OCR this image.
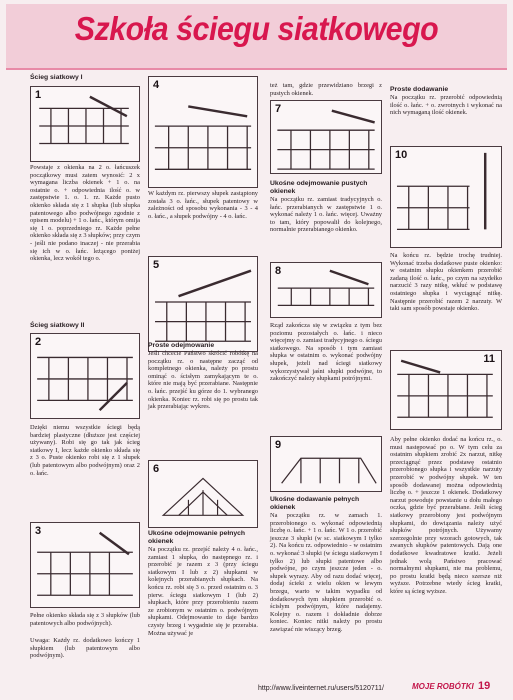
Szkoła ściegu siatkowego

Ścieg siatkowy I

1

Powstaje z okienka na 2 o. łańcuszek początkowy musi zatem wynosić: 2 x wymagana liczba okienek + 1 o. na ostatnie o. + odpowiednia ilość o. w zastępstwie 1. o. 1. rz. Każde pusto okienko składa się z 1 słupka (lub słupka patentowego albo podwójnego zgodnie z opisem modelu) + 1 o. łańc., którym omija się 1 o. poprzedniego rz. Każde pełne okienko składa się z 3 słupków; przy czym - jeśli nie podano inaczej - nie przerabia się ich w o. łańc. leżącego poniżej okienka, lecz wokół tego o.

Ścieg siatkowy II

2

Dzięki niemu wszystkie ściegi będą bardziej plastyczne (dłuższe jest częściej używany). Robi się go tak jak ścieg siatkowy I, lecz każde okienko składa się z 3 o. Puste okienko robi się z 1 słupek (lub patentowym albo podwójnym) oraz 2 o. łańc.

3

Pełne okienko składa się z 3 słupków (lub patentowych albo podwójnych).

Uwaga: Każdy rz. dodatkowo kończy 1 słupkiem (lub patentowym albo podwójnym).

4

W każdym rz. pierwszy słupek zastąpiony została 3 o. łańc., słupek patentowy w zależności od sposobu wykonania - 3 - 4 o. łańc., a słupek podwójny - 4 o. łańc.

5

Proste odejmowanie

Jeśli chcecie Państwo skrócić robótkę na początku rz. o następne zacząć od kompletnego okienka, należy po prostu ominąć o. ścisłym zamykającym te o. które nie mają być przerabiane. Następnie o. łańc. przejść ku górze do 1. wybranego okienka. Koniec rz. robi się po prostu tak jak przerabiając wykres.

6

Ukośne odejmowanie pełnych okienek

Na początku rz. przejść należy 4 o. łańc., zamiast 1 słupka, do następnego rz. i przerobić je razem z 3 (przy ściegu siatkowym I lub z 2) słupkami w kolejnych przerabianych słupkach. Na końcu rz. robi się 3 o. przed ostatnim o. 3 pierw. ściegu siatkowym I (lub 2) słupkach, które przy przerobieniu razem ze zrobionym w ostatnim o. podwójnym słupkami. Odejmowanie to daje bardzo czysty brzeg i wygadnie się je przerabia. Można używać je

też tam, gdzie przewidziano brzegi z pustych okienek.

7

Ukośne odejmowanie pustych okienek

Na początku rz. zamiast tradycyjnych o. łańc. przerabianych w zastępstwie 1 o. wykonać należy 1 o. łańc. więcej. Uważny to tam, który popowalił do kolejnego, normalnie przerabianego okienko.

8

Rząd zakończa się w związku z tym bez poziomu pozostałych o. łańc. i nieco więcejmy o. zamiast tradycyjnego o. ściegu siatkowego. Na sposób i tym zamiast słupka w ostatnim o. wykonać podwójny słupek, jeżeli nad ściegi siatkowy wykorzystywał jaśni słupki podwójne, to zakończyć należy słupkami potrójnymi.

9

Ukośne dodawanie pełnych okienek

Na początku rz. w zamach 1. przerobionego o. wykonać odpowiednią liczbę o. łańc. + 1 o. łańc. W 1 o. przerobić jeszcze 3 słupki (w sc. siatkowym I tylko 2). Na końcu rz. odpowiednio - w ostatnim o. wykonać 3 słupki (w ściegu siatkowym I tylko 2) lub słupki patentowe albo podwójne, po czym jeszcze jeden - o. słupek wyrazy. Aby od razu dodać więcej, dodaj ścieki z wielu okien w lewym brzegu, warto w takim wypadku od dodatkowych tym słupkiem przerobić o. ścisłym podwójnym, które nadajemy. Kolejny o. razem i dokładnie dobrze koniec. Koniec nitki należy po prostu zawiązać nie wiszący brzeg.

Proste dodawanie

Na początku rz. przerobić odpowiednią ilość o. łańc. + o. zwrotnych i wykonać na nich wymaganą ilość okienek.

10

Na końcu rz. będzie trochę trudniej. Wykonać trzeba dodatkowe puste okienko: w ostatnim słupku okienkem przerobić zadaną ilość o. łańc., po czym na szydełko narzucić 3 razy nitkę, wkłuć w podstawę ostatniego słupka i wyciągnąć nitkę. Następnie przerobić razem 2 narzuty. W taki sam sposób powstaje okienko.

11

Aby pełne okienko dodać na końcu rz., o. musi następować po o. W tym celu za ostatnim słupkiem zrobić 2x narzut, nitkę przeciągnąć przez podstawę ostatnio przerobionego słupka i wszystkie narzuty przerobić w podwójny słupek. W ten sposób dodawanej można odpowiednią liczbę o. + jeszcze 1 okienek. Dodatkowy narzut powoduje powstanie u dołu małego oczka, gdzie być przerabiane. Jeśli ścieg siatkowy przerobiony jest podwójnym słupkami, do dowiązania należy użyć słupków potrójnych. Używamy szerzegolnie przy wzorach gotowych, tak zwanych słupków patentowych. Dają one dodatkowe kwadratowe kratki. Jeżeli jednak wolą Państwo pracować normalnymi słupkami, nie ma problemu, po prostu kratki będą nieco szersze niż wyższe. Potrzebne wtedy ścieg kratki, które są ścieg wyższe.

http://www.liveinternet.ru/users/5120711/	MOJE ROBÓTKI 19
